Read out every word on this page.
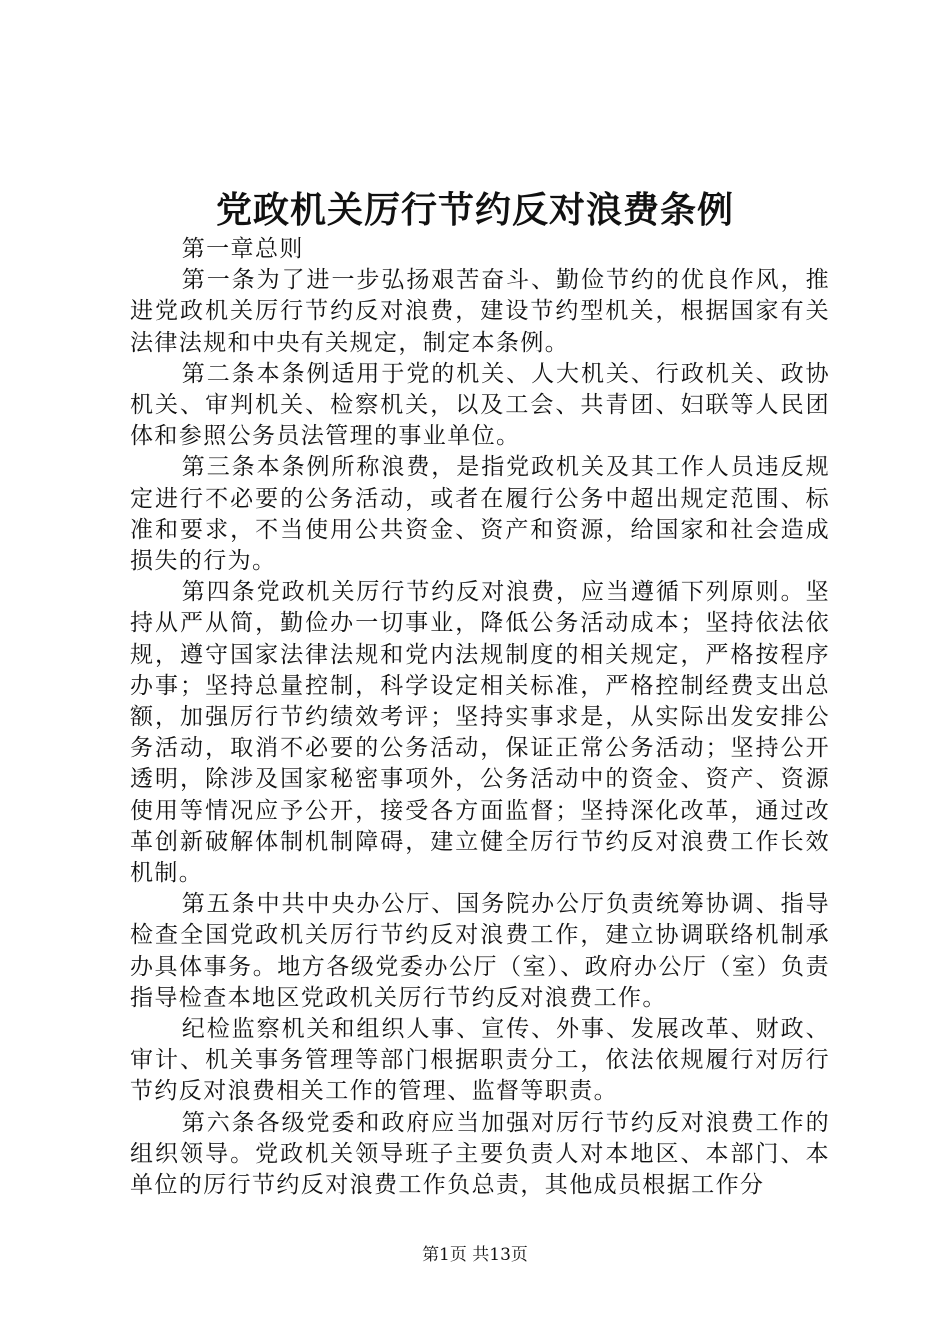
党政机关厉行节约反对浪费条例

第一章总则

第一条为了进一步弘扬艰苦奋斗、勤俭节约的优良作风，推进党政机关厉行节约反对浪费，建设节约型机关，根据国家有关法律法规和中央有关规定，制定本条例。

第二条本条例适用于党的机关、人大机关、行政机关、政协机关、审判机关、检察机关，以及工会、共青团、妇联等人民团体和参照公务员法管理的事业单位。

第三条本条例所称浪费，是指党政机关及其工作人员违反规定进行不必要的公务活动，或者在履行公务中超出规定范围、标准和要求，不当使用公共资金、资产和资源，给国家和社会造成损失的行为。

第四条党政机关厉行节约反对浪费，应当遵循下列原则。坚持从严从简，勤俭办一切事业，降低公务活动成本；坚持依法依规，遵守国家法律法规和党内法规制度的相关规定，严格按程序办事；坚持总量控制，科学设定相关标准，严格控制经费支出总额，加强厉行节约绩效考评；坚持实事求是，从实际出发安排公务活动，取消不必要的公务活动，保证正常公务活动；坚持公开透明，除涉及国家秘密事项外，公务活动中的资金、资产、资源使用等情况应予公开，接受各方面监督；坚持深化改革，通过改革创新破解体制机制障碍，建立健全厉行节约反对浪费工作长效机制。

第五条中共中央办公厅、国务院办公厅负责统筹协调、指导检查全国党政机关厉行节约反对浪费工作，建立协调联络机制承办具体事务。地方各级党委办公厅（室）、政府办公厅（室）负责指导检查本地区党政机关厉行节约反对浪费工作。

纪检监察机关和组织人事、宣传、外事、发展改革、财政、审计、机关事务管理等部门根据职责分工，依法依规履行对厉行节约反对浪费相关工作的管理、监督等职责。

第六条各级党委和政府应当加强对厉行节约反对浪费工作的组织领导。党政机关领导班子主要负责人对本地区、本部门、本单位的厉行节约反对浪费工作负总责，其他成员根据工作分

第1页 共13页
